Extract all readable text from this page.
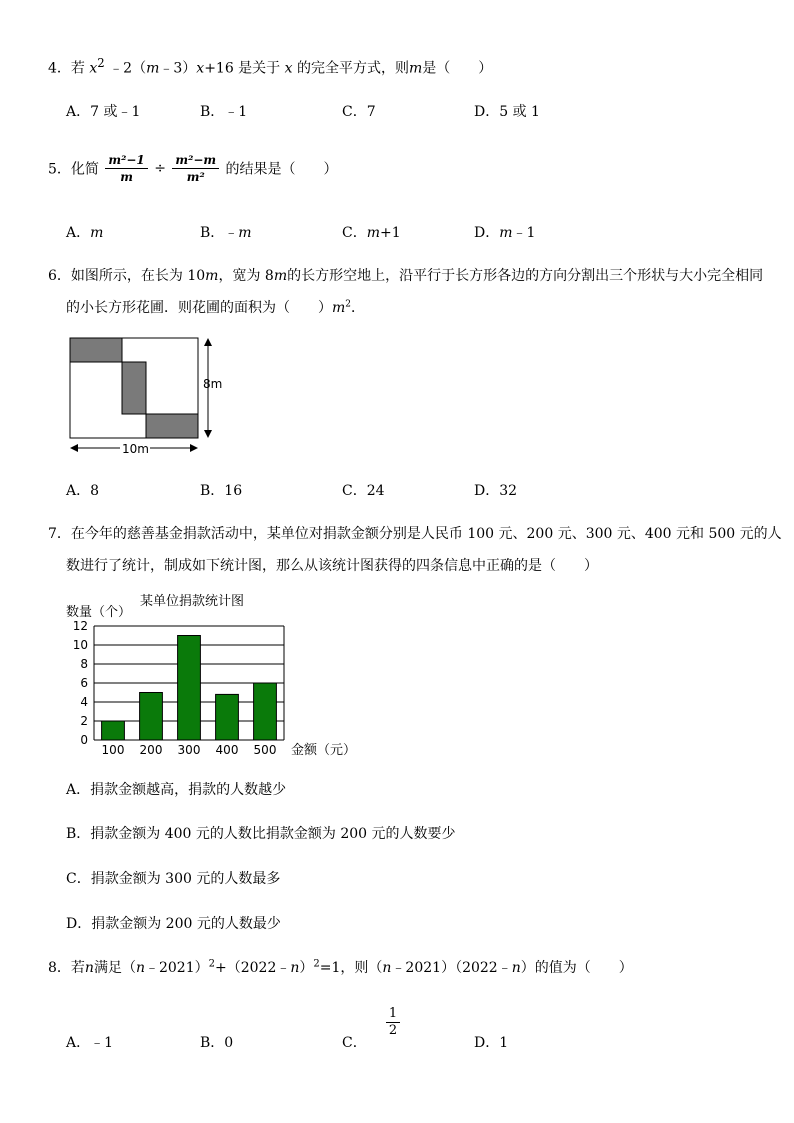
4．若 $x^2$ ﹣2（m﹣3）x+16 是关于 x 的完全平方式，则m是（　　）
A．7 或﹣1	B．﹣1	C．7	D．5 或 1
5．化简 $\frac{\text{m²−1}}{m} \div \frac{\text{m²−m}}{\text{m²}}$ 的结果是（　　）
A．m	B．﹣m	C．m+1	D．m﹣1
6．如图所示，在长为 10m，宽为 8m的长方形空地上，沿平行于长方形各边的方向分割出三个形状与大小完全相同
的小长方形花圃．则花圃的面积为（　　）$m^2$．
8m
10m
A．8	B．16	C．24	D．32
7．在今年的慈善基金捐款活动中，某单位对捐款金额分别是人民币 100 元、200 元、300 元、400 元和 500 元的人
数进行了统计，制成如下统计图，那么从该统计图获得的四条信息中正确的是（　　）
某单位捐款统计图
数量（个）
金额（元）
0
2
4
6
8
10
12
100 200 300 400 500
A．捐款金额越高，捐款的人数越少
B．捐款金额为 400 元的人数比捐款金额为 200 元的人数要少
C．捐款金额为 300 元的人数最多
D．捐款金额为 200 元的人数最少
8．若n满足（n﹣2021）$^2$+（2022﹣n）$^2$=1，则（n﹣2021）（2022﹣n）的值为（　　）
A．﹣1	B．0	C．
$\frac{1}{2}$
D．1
